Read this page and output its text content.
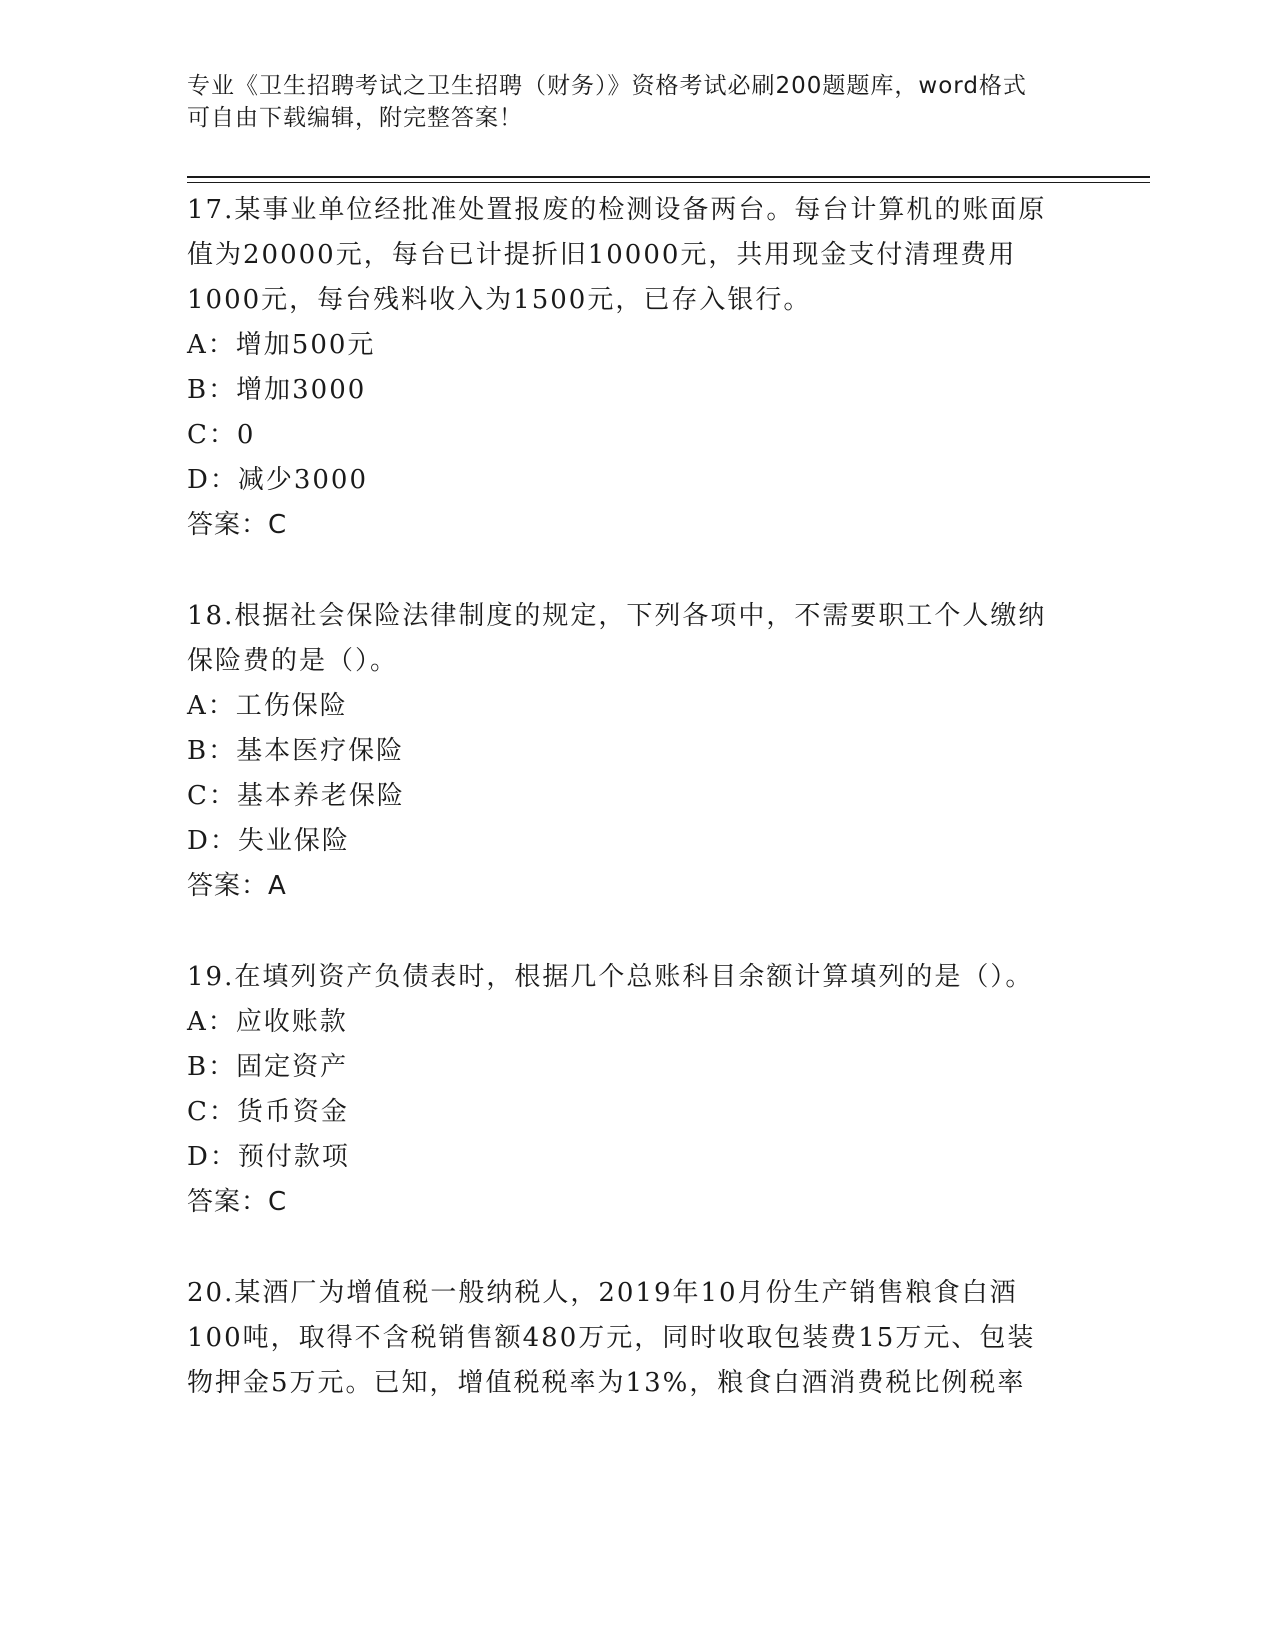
专业《卫生招聘考试之卫生招聘（财务）》资格考试必刷200题题库，word格式

可自由下载编辑，附完整答案！

17.某事业单位经批准处置报废的检测设备两台。每台计算机的账面原
值为20000元，每台已计提折旧10000元，共用现金支付清理费用
1000元，每台残料收入为1500元，已存入银行。
A：增加500元
B：增加3000
C：0
D：减少3000
答案：C
18.根据社会保险法律制度的规定，下列各项中，不需要职工个人缴纳
保险费的是（）。
A：工伤保险
B：基本医疗保险
C：基本养老保险
D：失业保险
答案：A
19.在填列资产负债表时，根据几个总账科目余额计算填列的是（）。
A：应收账款
B：固定资产
C：货币资金
D：预付款项
答案：C
20.某酒厂为增值税一般纳税人，2019年10月份生产销售粮食白酒
100吨，取得不含税销售额480万元，同时收取包装费15万元、包装
物押金5万元。已知，增值税税率为13%，粮食白酒消费税比例税率
